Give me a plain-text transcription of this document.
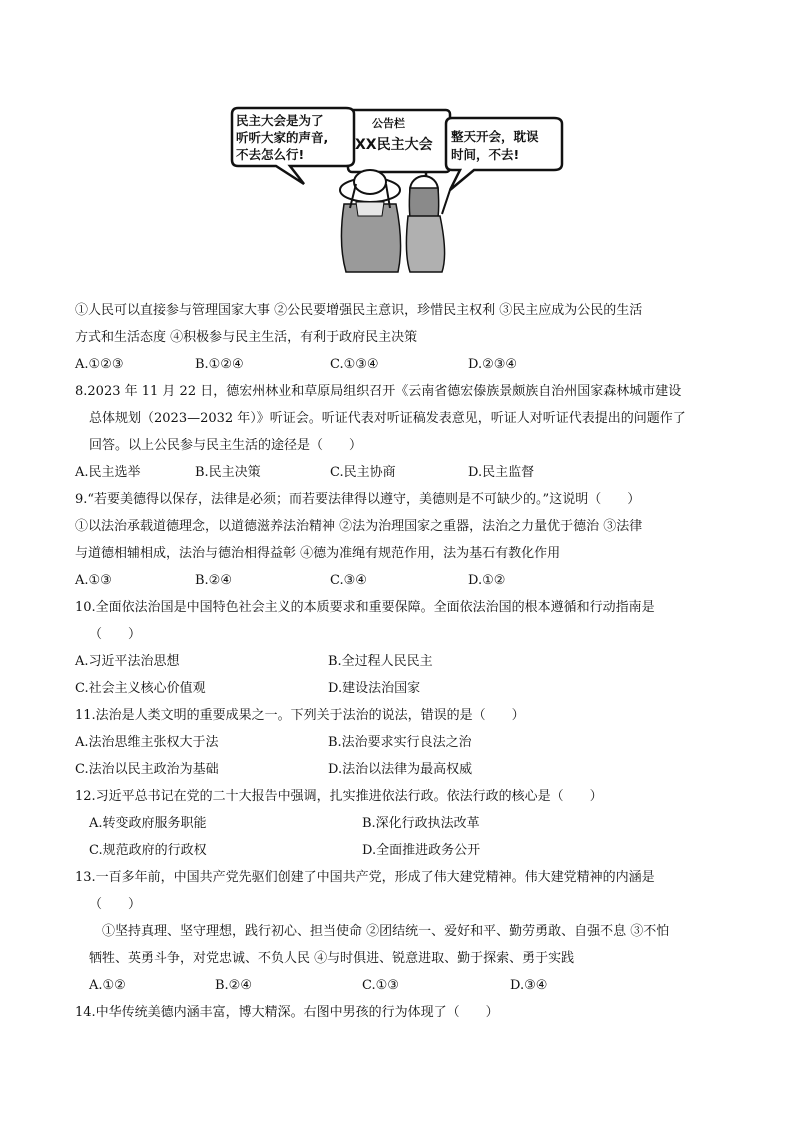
民主大会是为了
听听大家的声音,
不去怎么行!
公告栏
XX民主大会
整天开会，耽误
时间，不去!
①人民可以直接参与管理国家大事 ②公民要增强民主意识，珍惜民主权利 ③民主应成为公民的生活
方式和生活态度 ④积极参与民主生活，有利于政府民主决策
A.①②③	B.①②④	C.①③④	D.②③④
8.2023 年 11 月 22 日，德宏州林业和草原局组织召开《云南省德宏傣族景颇族自治州国家森林城市建设
总体规划（2023—2032 年）》听证会。听证代表对听证稿发表意见，听证人对听证代表提出的问题作了
回答。以上公民参与民主生活的途径是（　　）
A.民主选举	B.民主决策	C.民主协商	D.民主监督
9.“若要美德得以保存，法律是必须；而若要法律得以遵守，美德则是不可缺少的。”这说明（　　）
①以法治承载道德理念，以道德滋养法治精神 ②法为治理国家之重器，法治之力量优于德治 ③法律
与道德相辅相成，法治与德治相得益彰 ④德为准绳有规范作用，法为基石有教化作用
A.①③	B.②④	C.③④	D.①②
10.全面依法治国是中国特色社会主义的本质要求和重要保障。全面依法治国的根本遵循和行动指南是
（　　）
A.习近平法治思想	B.全过程人民民主
C.社会主义核心价值观	D.建设法治国家
11.法治是人类文明的重要成果之一。下列关于法治的说法，错误的是（　　）
A.法治思维主张权大于法	B.法治要求实行良法之治
C.法治以民主政治为基础	D.法治以法律为最高权威
12.习近平总书记在党的二十大报告中强调，扎实推进依法行政。依法行政的核心是（　　）
A.转变政府服务职能	B.深化行政执法改革
C.规范政府的行政权	D.全面推进政务公开
13.一百多年前，中国共产党先驱们创建了中国共产党，形成了伟大建党精神。伟大建党精神的内涵是
（　　）
①坚持真理、坚守理想，践行初心、担当使命 ②团结统一、爱好和平、勤劳勇敢、自强不息 ③不怕
牺牲、英勇斗争，对党忠诚、不负人民 ④与时俱进、锐意进取、勤于探索、勇于实践
A.①②	B.②④	C.①③	D.③④
14.中华传统美德内涵丰富，博大精深。右图中男孩的行为体现了（　　）
